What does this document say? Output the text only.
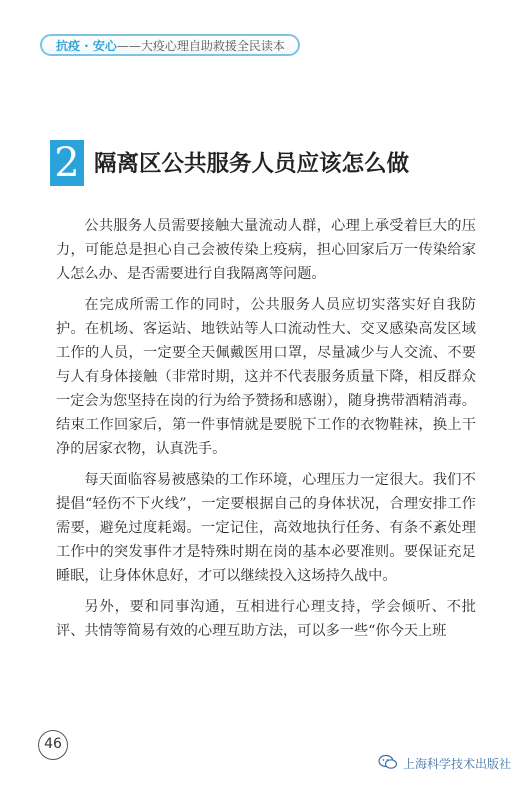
抗疫 · 安心 ——大疫心理自助救援全民读本
2 隔离区公共服务人员应该怎么做

公共服务人员需要接触大量流动人群，心理上承受着巨大的压力，可能总是担心自己会被传染上疫病，担心回家后万一传染给家人怎么办、是否需要进行自我隔离等问题。

在完成所需工作的同时，公共服务人员应切实落实好自我防护。在机场、客运站、地铁站等人口流动性大、交叉感染高发区域工作的人员，一定要全天佩戴医用口罩，尽量减少与人交流、不要与人有身体接触（非常时期，这并不代表服务质量下降，相反群众一定会为您坚持在岗的行为给予赞扬和感谢），随身携带酒精消毒。结束工作回家后，第一件事情就是要脱下工作的衣物鞋袜，换上干净的居家衣物，认真洗手。

每天面临容易被感染的工作环境，心理压力一定很大。我们不提倡“轻伤不下火线”，一定要根据自己的身体状况，合理安排工作需要，避免过度耗竭。一定记住，高效地执行任务、有条不紊处理工作中的突发事件才是特殊时期在岗的基本必要准则。要保证充足睡眠，让身体休息好，才可以继续投入这场持久战中。

另外，要和同事沟通，互相进行心理支持，学会倾听、不批评、共情等简易有效的心理互助方法，可以多一些“你今天上班

46
上海科学技术出版社
